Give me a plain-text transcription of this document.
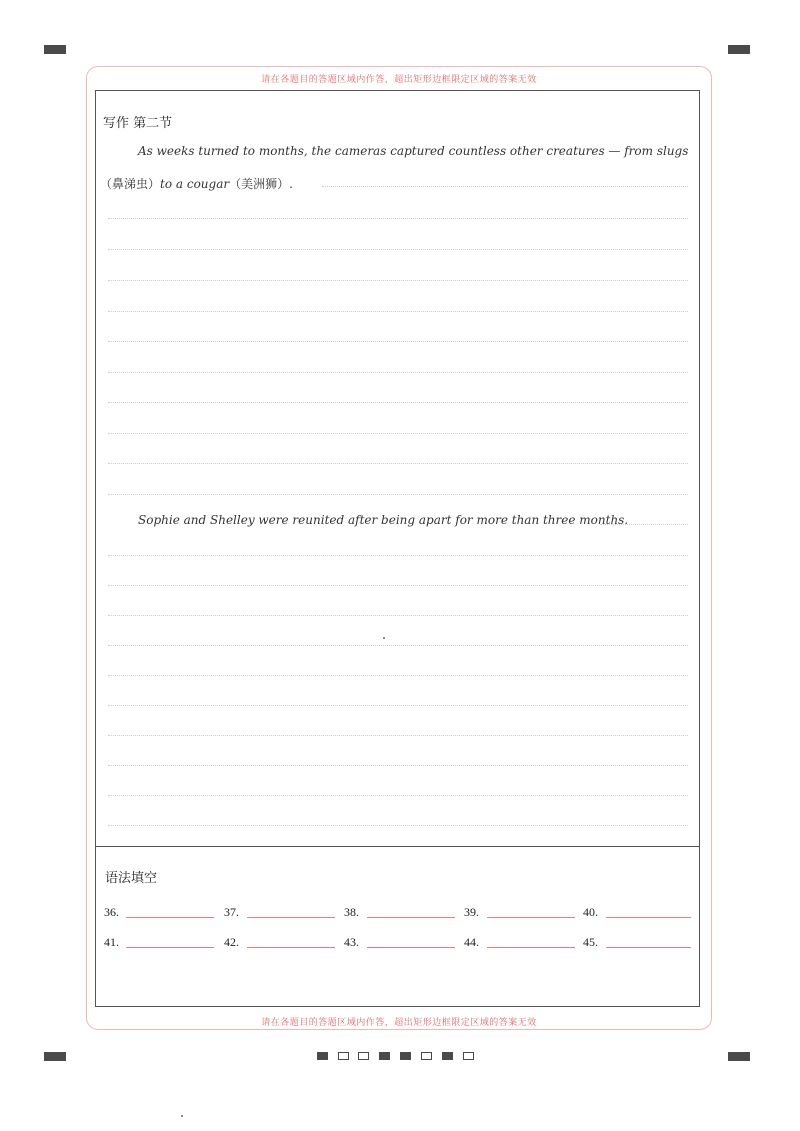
请在各题目的答题区域内作答，超出矩形边框限定区域的答案无效
请在各题目的答题区域内作答，超出矩形边框限定区域的答案无效
写作 第二节
As weeks turned to months, the cameras captured countless other creatures — from slugs
（鼻涕虫）to a cougar（美洲狮）.
Sophie and Shelley were reunited after being apart for more than three months.
语法填空
36.	37.	38.	39.	40.
41.	42.	43.	44.	45.
